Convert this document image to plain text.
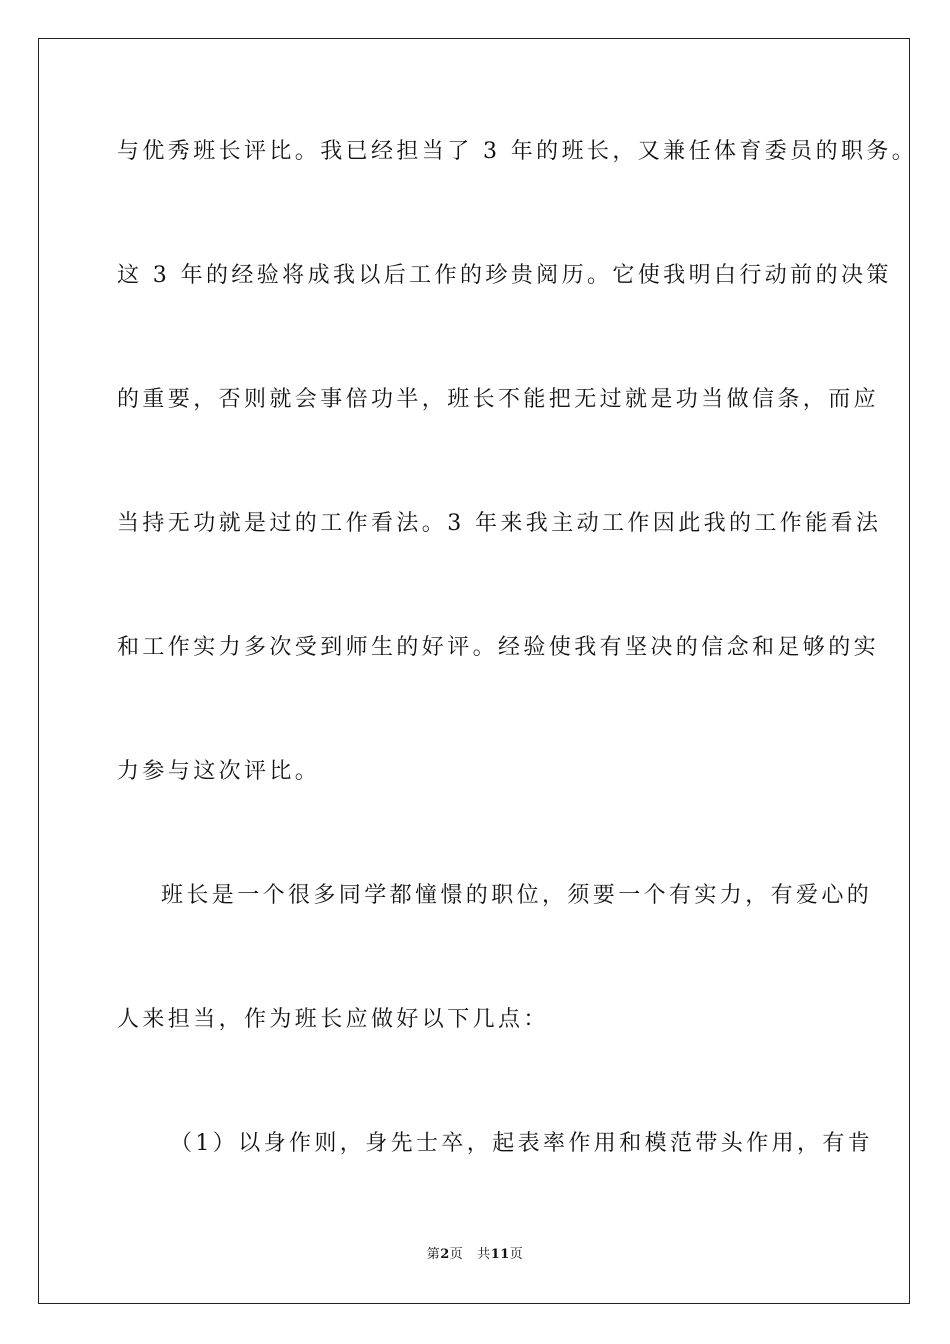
与优秀班长评比。我已经担当了 3 年的班长，又兼任体育委员的职务。
这 3 年的经验将成我以后工作的珍贵阅历。它使我明白行动前的决策
的重要，否则就会事倍功半，班长不能把无过就是功当做信条，而应
当持无功就是过的工作看法。3 年来我主动工作因此我的工作能看法
和工作实力多次受到师生的好评。经验使我有坚决的信念和足够的实
力参与这次评比。
班长是一个很多同学都憧憬的职位，须要一个有实力，有爱心的
人来担当，作为班长应做好以下几点：
（1）以身作则，身先士卒，起表率作用和模范带头作用，有肯
第2页 共11页
